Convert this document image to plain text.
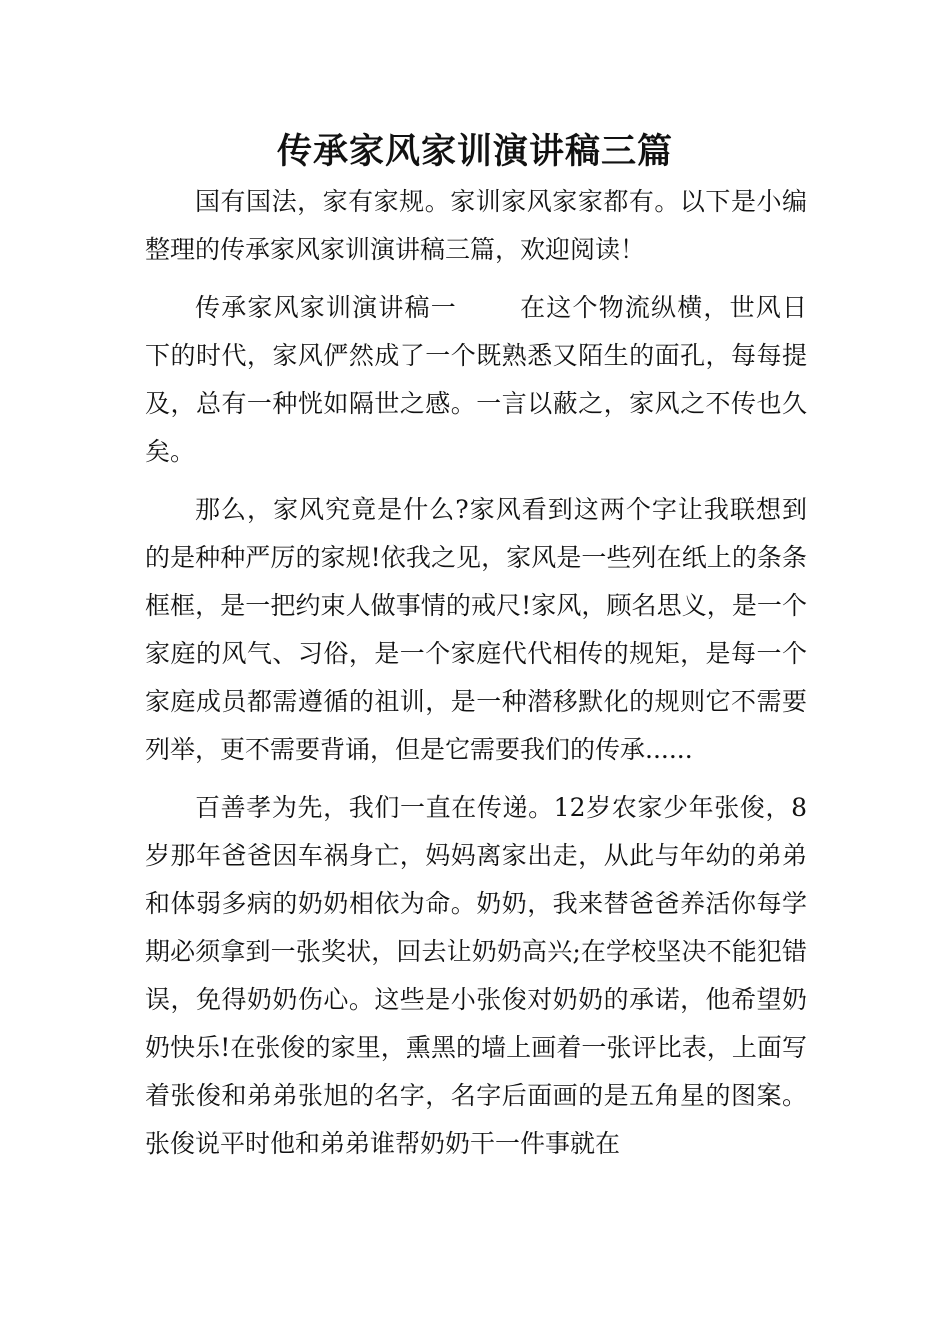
传承家风家训演讲稿三篇

国有国法，家有家规。家训家风家家都有。以下是小编整理的传承家风家训演讲稿三篇，欢迎阅读！

传承家风家训演讲稿一 在这个物流纵横，世风日下的时代，家风俨然成了一个既熟悉又陌生的面孔，每每提及，总有一种恍如隔世之感。一言以蔽之，家风之不传也久矣。

那么，家风究竟是什么?家风看到这两个字让我联想到的是种种严厉的家规!依我之见，家风是一些列在纸上的条条框框，是一把约束人做事情的戒尺!家风，顾名思义，是一个家庭的风气、习俗，是一个家庭代代相传的规矩，是每一个家庭成员都需遵循的祖训，是一种潜移默化的规则它不需要列举，更不需要背诵，但是它需要我们的传承......

百善孝为先，我们一直在传递。12岁农家少年张俊，8岁那年爸爸因车祸身亡，妈妈离家出走，从此与年幼的弟弟和体弱多病的奶奶相依为命。奶奶，我来替爸爸养活你每学期必须拿到一张奖状，回去让奶奶高兴;在学校坚决不能犯错误，免得奶奶伤心。这些是小张俊对奶奶的承诺，他希望奶奶快乐!在张俊的家里，熏黑的墙上画着一张评比表，上面写着张俊和弟弟张旭的名字，名字后面画的是五角星的图案。张俊说平时他和弟弟谁帮奶奶干一件事就在
